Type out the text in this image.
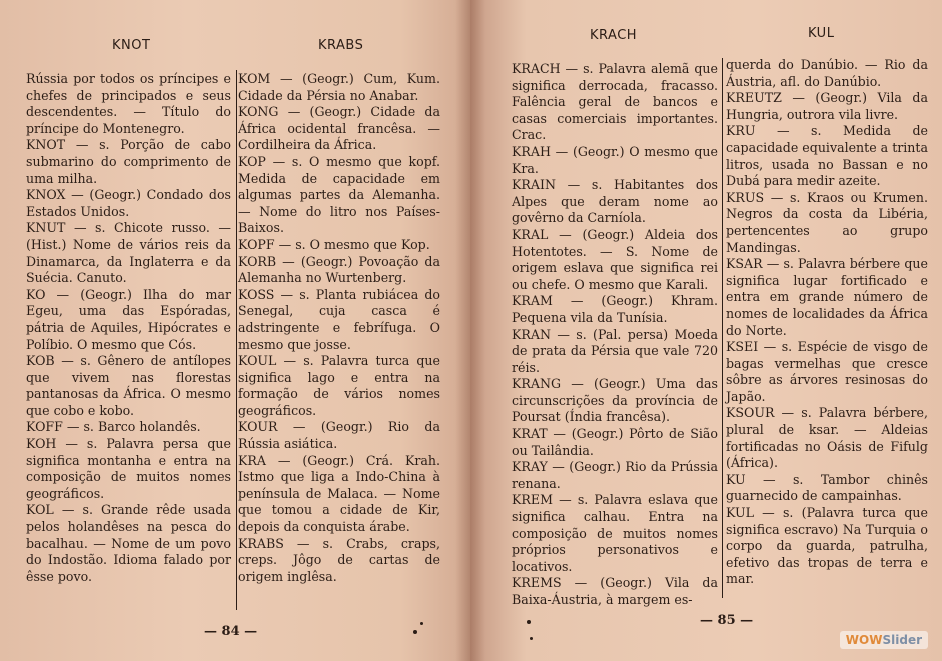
KNOT	KRABS

Rússia por todos os príncipes e chefes de principados e seus descendentes. — Título do príncipe do Montenegro.

KNOT — s. Porção de cabo submarino do comprimento de uma milha.

KNOX — (Geogr.) Condado dos Estados Unidos.

KNUT — s. Chicote russo. — (Hist.) Nome de vários reis da Dinamarca, da Inglaterra e da Suécia. Canuto.

KO — (Geogr.) Ilha do mar Egeu, uma das Espóradas, pátria de Aquiles, Hipócrates e Políbio. O mesmo que Cós.

KOB — s. Gênero de antílopes que vivem nas florestas pantanosas da África. O mesmo que cobo e kobo.

KOFF — s. Barco holandês.

KOH — s. Palavra persa que significa montanha e entra na composição de muitos nomes geográficos.

KOL — s. Grande rêde usada pelos holandêses na pesca do bacalhau. — Nome de um povo do Indostão. Idioma falado por êsse povo.

KOM — (Geogr.) Cum, Kum. Cidade da Pérsia no Anabar.

KONG — (Geogr.) Cidade da África ocidental francêsa. — Cordilheira da África.

KOP — s. O mesmo que kopf. Medida de capacidade em algumas partes da Alemanha.— Nome do litro nos Países-Baixos.

KOPF — s. O mesmo que Kop.

KORB — (Geogr.) Povoação da Alemanha no Wurtenberg.

KOSS — s. Planta rubiácea do Senegal, cuja casca é adstringente e febrífuga. O mesmo que josse.

KOUL — s. Palavra turca que significa lago e entra na formação de vários nomes geográficos.

KOUR — (Geogr.) Rio da Rússia asiática.

KRA — (Geogr.) Crá. Krah. Istmo que liga a Indo-China à península de Malaca. — Nome que tomou a cidade de Kir, depois da conquista árabe.

KRABS — s. Crabs, craps, creps. Jôgo de cartas de origem inglêsa.

— 84 —
KRACH	KUL

KRACH — s. Palavra alemã que significa derrocada, fracasso. Falência geral de bancos e casas comerciais importantes. Crac.

KRAH — (Geogr.) O mesmo que Kra.

KRAIN — s. Habitantes dos Alpes que deram nome ao govêrno da Carníola.

KRAL — (Geogr.) Aldeia dos Hotentotes. — S. Nome de origem eslava que significa rei ou chefe. O mesmo que Karali.

KRAM — (Geogr.) Khram. Pequena vila da Tunísia.

KRAN — s. (Pal. persa) Moeda de prata da Pérsia que vale 720 réis.

KRANG — (Geogr.) Uma das circunscrições da província de Poursat (Índia francêsa).

KRAT — (Geogr.) Pôrto de Sião ou Tailândia.

KRAY — (Geogr.) Rio da Prússia renana.

KREM — s. Palavra eslava que significa calhau. Entra na composição de muitos nomes próprios personativos e locativos.

KREMS — (Geogr.) Vila da Baixa-Áustria, à margem es-

querda do Danúbio. — Rio da Áustria, afl. do Danúbio.

KREUTZ — (Geogr.) Vila da Hungria, outrora vila livre.

KRU — s. Medida de capacidade equivalente a trinta litros, usada no Bassan e no Dubá para medir azeite.

KRUS — s. Kraos ou Krumen. Negros da costa da Libéria, pertencentes ao grupo Mandingas.

KSAR — s. Palavra bérbere que significa lugar fortificado e entra em grande número de nomes de localidades da África do Norte.

KSEI — s. Espécie de visgo de bagas vermelhas que cresce sôbre as árvores resinosas do Japão.

KSOUR — s. Palavra bérbere, plural de ksar. — Aldeias fortificadas no Oásis de Fifulg (África).

KU — s. Tambor chinês guarnecido de campainhas.

KUL — s. (Palavra turca que significa escravo) Na Turquia o corpo da guarda, patrulha, efetivo das tropas de terra e mar.

— 85 —
WOWSlider
